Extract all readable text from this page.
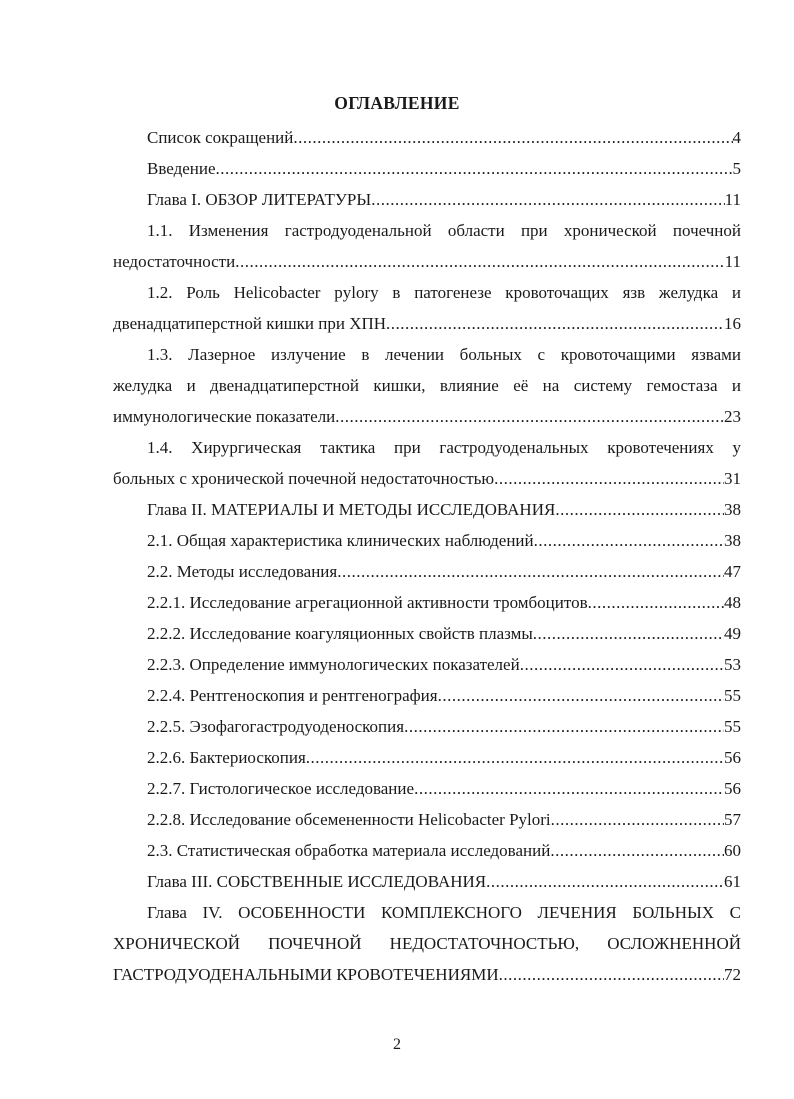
ОГЛАВЛЕНИЕ
Список сокращений .....	4
Введение .....	5
Глава I. ОБЗОР ЛИТЕРАТУРЫ .....	11
1.1. Изменения гастродуоденальной области при хронической почечной
недостаточности .....	11
1.2. Роль Helicobacter pylory в патогенезе кровоточащих язв желудка и
двенадцатиперстной кишки при ХПН .....	16
1.3. Лазерное излучение в лечении больных с кровоточащими язвами
желудка и двенадцатиперстной кишки, влияние её на систему гемостаза и
иммунологические показатели .....	23
1.4. Хирургическая тактика при гастродуоденальных кровотечениях у
больных с хронической почечной недостаточностью .....	31
Глава II. МАТЕРИАЛЫ И МЕТОДЫ ИССЛЕДОВАНИЯ .....	38
2.1. Общая характеристика клинических наблюдений .....	38
2.2. Методы исследования .....	47
2.2.1. Исследование агрегационной активности тромбоцитов .....	48
2.2.2. Исследование коагуляционных свойств плазмы .....	49
2.2.3. Определение иммунологических показателей .....	53
2.2.4. Рентгеноскопия и рентгенография .....	55
2.2.5. Эзофагогастродуоденоскопия .....	55
2.2.6. Бактериоскопия .....	56
2.2.7. Гистологическое исследование .....	56
2.2.8. Исследование обсемененности Helicobacter Pylori .....	57
2.3. Статистическая обработка материала исследований .....	60
Глава III. СОБСТВЕННЫЕ ИССЛЕДОВАНИЯ .....	61
Глава IV. ОСОБЕННОСТИ КОМПЛЕКСНОГО ЛЕЧЕНИЯ БОЛЬНЫХ С
ХРОНИЧЕСКОЙ ПОЧЕЧНОЙ НЕДОСТАТОЧНОСТЬЮ, ОСЛОЖНЕННОЙ
ГАСТРОДУОДЕНАЛЬНЫМИ КРОВОТЕЧЕНИЯМИ .....	72
2
